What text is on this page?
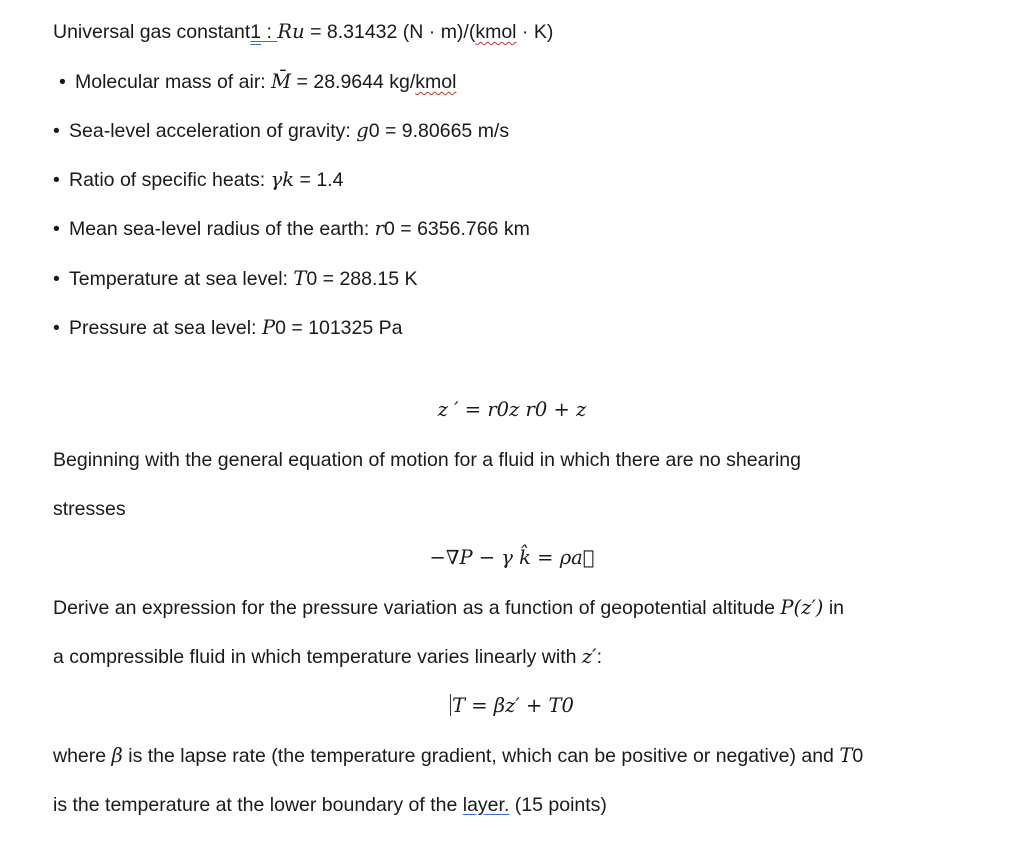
Universal gas constant1 : Ru = 8.31432 (N · m)/(kmol · K)
• Molecular mass of air: M̄ = 28.9644 kg/kmol
• Sea-level acceleration of gravity: g0 = 9.80665 m/s
• Ratio of specific heats: γk = 1.4
• Mean sea-level radius of the earth: r0 = 6356.766 km
• Temperature at sea level: T0 = 288.15 K
• Pressure at sea level: P0 = 101325 Pa
z ′ = r0z r0 + z
Beginning with the general equation of motion for a fluid in which there are no shearing
stresses
−∇P − γ k̂ = ρa⃗
Derive an expression for the pressure variation as a function of geopotential altitude P(z′) in
a compressible fluid in which temperature varies linearly with z′:
T = βz′ + T0
where β is the lapse rate (the temperature gradient, which can be positive or negative) and T0
is the temperature at the lower boundary of the layer. (15 points)
